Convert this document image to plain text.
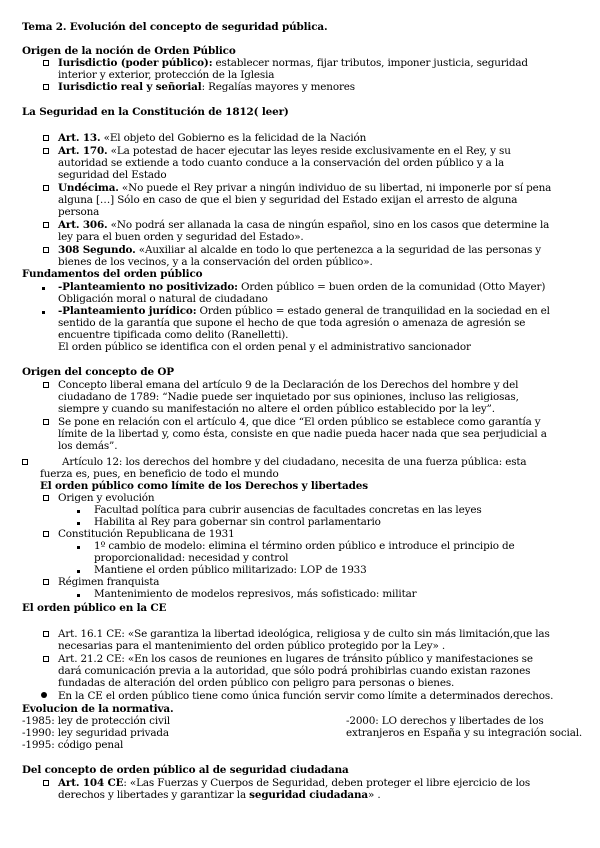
Tema 2. Evolución del concepto de seguridad pública.
Origen de la noción de Orden Público
Iurisdictio (poder público): establecer normas, fijar tributos, imponer justicia, seguridad
interior y exterior, protección de la Iglesia
Iurisdictio real y señorial: Regalías mayores y menores
La Seguridad en la Constitución de 1812( leer)
Art. 13. «El objeto del Gobierno es la felicidad de la Nación
Art. 170. «La potestad de hacer ejecutar las leyes reside exclusivamente en el Rey, y su
autoridad se extiende a todo cuanto conduce a la conservación del orden público y a la
seguridad del Estado
Undécima. «No puede el Rey privar a ningún individuo de su libertad, ni imponerle por sí pena
alguna […] Sólo en caso de que el bien y seguridad del Estado exijan el arresto de alguna
persona
Art. 306. «No podrá ser allanada la casa de ningún español, sino en los casos que determine la
ley para el buen orden y seguridad del Estado».
308 Segundo. «Auxiliar al alcalde en todo lo que pertenezca a la seguridad de las personas y
bienes de los vecinos, y a la conservación del orden público».
Fundamentos del orden público
-Planteamiento no positivizado: Orden público = buen orden de la comunidad (Otto Mayer)
Obligación moral o natural de ciudadano
-Planteamiento jurídico: Orden público = estado general de tranquilidad en la sociedad en el
sentido de la garantía que supone el hecho de que toda agresión o amenaza de agresión se
encuentre tipificada como delito (Ranelletti).
El orden público se identifica con el orden penal y el administrativo sancionador
Origen del concepto de OP
Concepto liberal emana del artículo 9 de la Declaración de los Derechos del hombre y del
ciudadano de 1789: “Nadie puede ser inquietado por sus opiniones, incluso las religiosas,
siempre y cuando su manifestación no altere el orden público establecido por la ley”.
Se pone en relación con el artículo 4, que dice “El orden público se establece como garantía y
límite de la libertad y, como ésta, consiste en que nadie pueda hacer nada que sea perjudicial a
los demás”.
Artículo 12: los derechos del hombre y del ciudadano, necesita de una fuerza pública: esta
fuerza es, pues, en beneficio de todo el mundo
El orden público como límite de los Derechos y libertades
Origen y evolución
Facultad política para cubrir ausencias de facultades concretas en las leyes
Habilita al Rey para gobernar sin control parlamentario
Constitución Republicana de 1931
1º cambio de modelo: elimina el término orden público e introduce el principio de
proporcionalidad: necesidad y control
Mantiene el orden público militarizado: LOP de 1933
Régimen franquista
Mantenimiento de modelos represivos, más sofisticado: militar
El orden público en la CE
Art. 16.1 CE: «Se garantiza la libertad ideológica, religiosa y de culto sin más limitación,que las
necesarias para el mantenimiento del orden público protegido por la Ley» .
Art. 21.2 CE: «En los casos de reuniones en lugares de tránsito público y manifestaciones se
dará comunicación previa a la autoridad, que sólo podrá prohibirlas cuando existan razones
fundadas de alteración del orden público con peligro para personas o bienes.
En la CE el orden público tiene como única función servir como límite a determinados derechos.
Evolucion de la normativa.
-1985: ley de protección civil
-1990: ley seguridad privada
-1995: código penal
-2000: LO derechos y libertades de los
extranjeros en España y su integración social.
Del concepto de orden público al de seguridad ciudadana
Art. 104 CE: «Las Fuerzas y Cuerpos de Seguridad, deben proteger el libre ejercicio de los
derechos y libertades y garantizar la seguridad ciudadana» .
